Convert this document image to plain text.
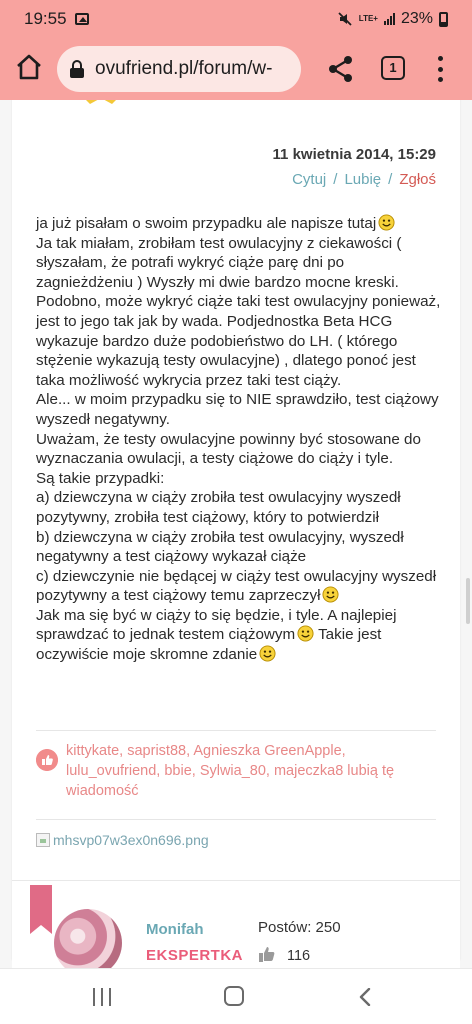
19:55	LTE+ 23%
ovufriend.pl/forum/w-	1
11 kwietnia 2014, 15:29
Cytuj / Lubię / Zgłoś
ja już pisałam o swoim przypadku ale napisze tutaj
Ja tak miałam, zrobiłam test owulacyjny z ciekawości ( słyszałam, że potrafi wykryć ciąże parę dni po zagnieżdżeniu ) Wyszły mi dwie bardzo mocne kreski. Podobno, może wykryć ciąże taki test owulacyjny ponieważ, jest to jego tak jak by wada. Podjednostka Beta HCG wykazuje bardzo duże podobieństwo do LH. ( którego stężenie wykazują testy owulacyjne) , dlatego ponoć jest taka możliwość wykrycia przez taki test ciąży.
Ale... w moim przypadku się to NIE sprawdziło, test ciążowy wyszedł negatywny.
Uważam, że testy owulacyjne powinny być stosowane do wyznaczania owulacji, a testy ciążowe do ciąży i tyle.
Są takie przypadki:
a) dziewczyna w ciąży zrobiła test owulacyjny wyszedł pozytywny, zrobiła test ciążowy, który to potwierdził
b) dziewczyna w ciąży zrobiła test owulacyjny, wyszedł negatywny a test ciążowy wykazał ciąże
c) dziewczynie nie będącej w ciąży test owulacyjny wyszedł pozytywny a test ciążowy temu zaprzeczył
Jak ma się być w ciąży to się będzie, i tyle. A najlepiej sprawdzać to jednak testem ciążowym Takie jest oczywiście moje skromne zdanie
kittykate, saprist88, Agnieszka GreenApple, lulu_ovufriend, bbie, Sylwia_80, majeczka8 lubią tę wiadomość
mhsvp07w3ex0n696.png
Monifah
EKSPERTKA
Postów: 250
116
